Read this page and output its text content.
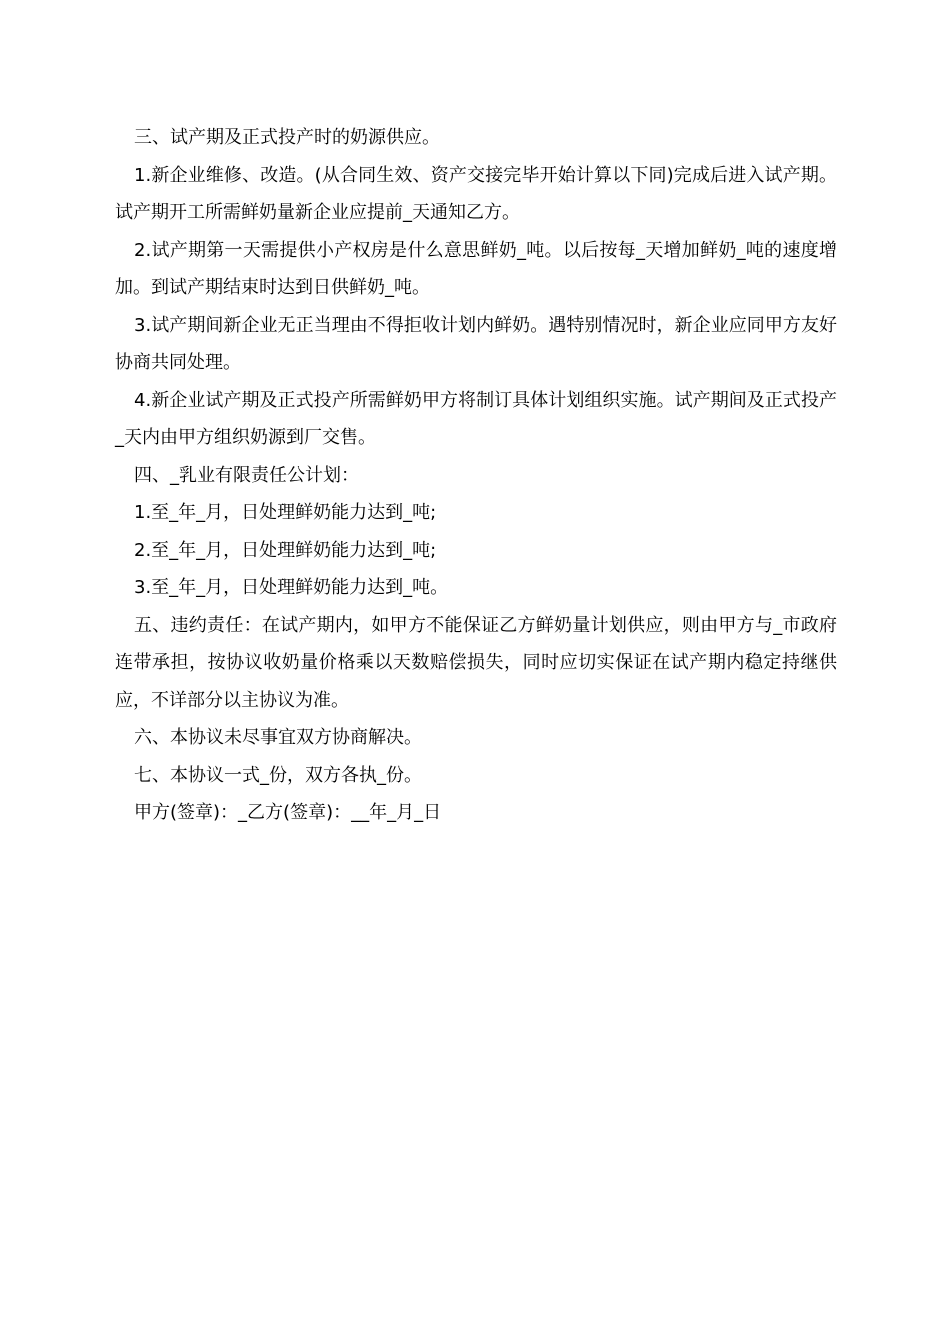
三、试产期及正式投产时的奶源供应。

1.新企业维修、改造。(从合同生效、资产交接完毕开始计算以下同)完成后进入试产期。试产期开工所需鲜奶量新企业应提前_天通知乙方。

2.试产期第一天需提供小产权房是什么意思鲜奶_吨。以后按每_天增加鲜奶_吨的速度增加。到试产期结束时达到日供鲜奶_吨。

3.试产期间新企业无正当理由不得拒收计划内鲜奶。遇特别情况时，新企业应同甲方友好协商共同处理。

4.新企业试产期及正式投产所需鲜奶甲方将制订具体计划组织实施。试产期间及正式投产_天内由甲方组织奶源到厂交售。

四、_乳业有限责任公计划：

1.至_年_月，日处理鲜奶能力达到_吨;

2.至_年_月，日处理鲜奶能力达到_吨;

3.至_年_月，日处理鲜奶能力达到_吨。

五、违约责任：在试产期内，如甲方不能保证乙方鲜奶量计划供应，则由甲方与_市政府连带承担，按协议收奶量价格乘以天数赔偿损失，同时应切实保证在试产期内稳定持继供应，不详部分以主协议为准。

六、本协议未尽事宜双方协商解决。

七、本协议一式_份，双方各执_份。

甲方(签章)：_乙方(签章)：__年_月_日
